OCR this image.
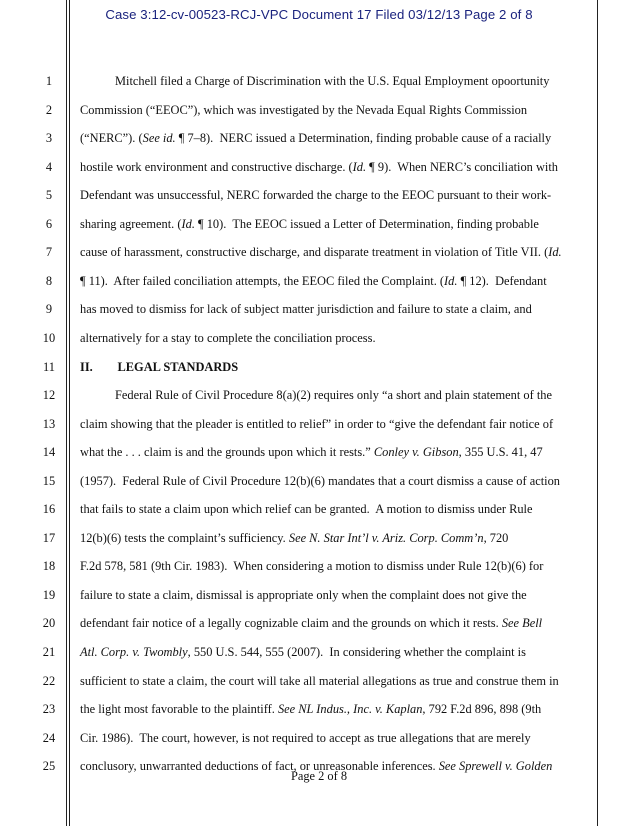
Case 3:12-cv-00523-RCJ-VPC Document 17 Filed 03/12/13 Page 2 of 8
1	Mitchell filed a Charge of Discrimination with the U.S. Equal Employment opoortunity
2	Commission (“EEOC”), which was investigated by the Nevada Equal Rights Commission
3	(“NERC”). (See id. ¶ 7–8).  NERC issued a Determination, finding probable cause of a racially
4	hostile work environment and constructive discharge. (Id. ¶ 9).  When NERC’s conciliation with
5	Defendant was unsuccessful, NERC forwarded the charge to the EEOC pursuant to their work-
6	sharing agreement. (Id. ¶ 10).  The EEOC issued a Letter of Determination, finding probable
7	cause of harassment, constructive discharge, and disparate treatment in violation of Title VII. (Id.
8	¶ 11).  After failed conciliation attempts, the EEOC filed the Complaint. (Id. ¶ 12).  Defendant
9	has moved to dismiss for lack of subject matter jurisdiction and failure to state a claim, and
10	alternatively for a stay to complete the conciliation process.
11	II.        LEGAL STANDARDS
12	Federal Rule of Civil Procedure 8(a)(2) requires only “a short and plain statement of the
13	claim showing that the pleader is entitled to relief” in order to “give the defendant fair notice of
14	what the . . . claim is and the grounds upon which it rests.” Conley v. Gibson, 355 U.S. 41, 47
15	(1957).  Federal Rule of Civil Procedure 12(b)(6) mandates that a court dismiss a cause of action
16	that fails to state a claim upon which relief can be granted.  A motion to dismiss under Rule
17	12(b)(6) tests the complaint’s sufficiency. See N. Star Int’l v. Ariz. Corp. Comm’n, 720
18	F.2d 578, 581 (9th Cir. 1983).  When considering a motion to dismiss under Rule 12(b)(6) for
19	failure to state a claim, dismissal is appropriate only when the complaint does not give the
20	defendant fair notice of a legally cognizable claim and the grounds on which it rests. See Bell
21	Atl. Corp. v. Twombly, 550 U.S. 544, 555 (2007).  In considering whether the complaint is
22	sufficient to state a claim, the court will take all material allegations as true and construe them in
23	the light most favorable to the plaintiff. See NL Indus., Inc. v. Kaplan, 792 F.2d 896, 898 (9th
24	Cir. 1986).  The court, however, is not required to accept as true allegations that are merely
25	conclusory, unwarranted deductions of fact, or unreasonable inferences. See Sprewell v. Golden
Page 2 of 8
